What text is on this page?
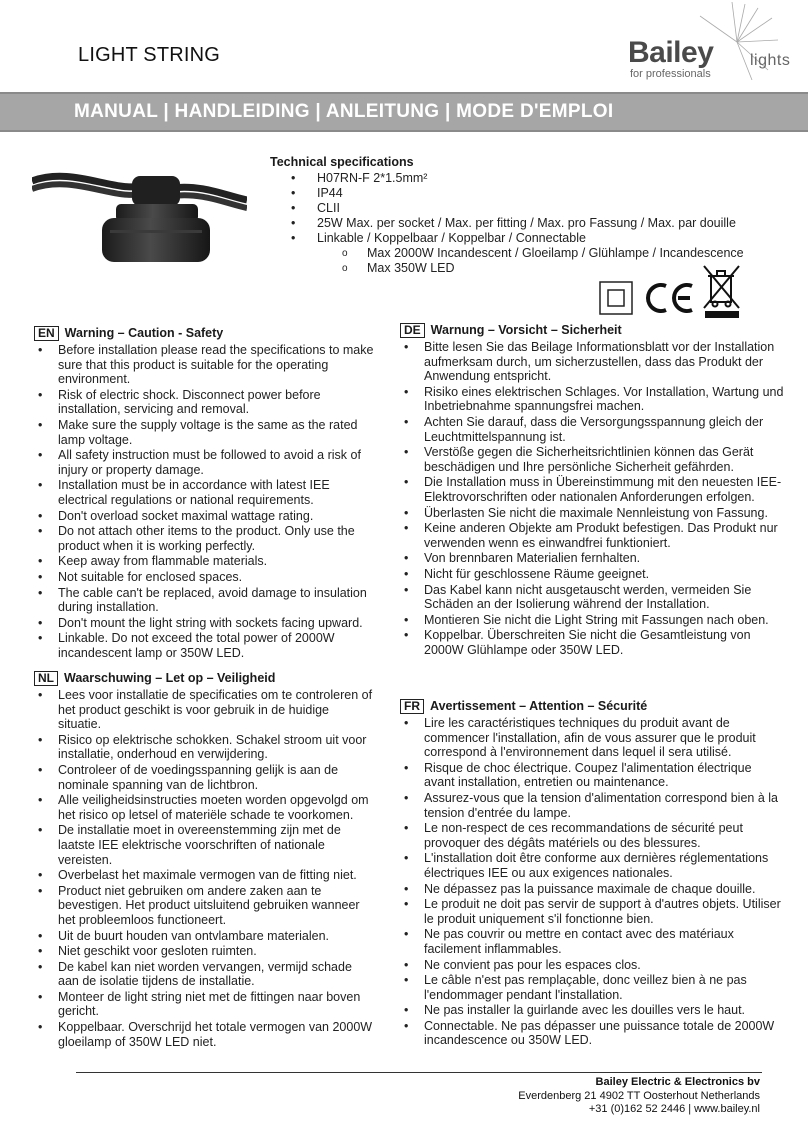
LIGHT STRING	Bailey
for professionals
lights
MANUAL | HANDLEIDING | ANLEITUNG | MODE D'EMPLOI
Technical specifications
• H07RN-F 2*1.5mm²
• IP44
• CLII
• 25W Max. per socket / Max. per fitting / Max. pro Fassung / Max. par douille
• Linkable / Koppelbaar / Koppelbar / Connectable
o Max 2000W Incandescent / Gloeilamp / Glühlampe / Incandescence
o Max 350W LED
EN Warning – Caution - Safety
• Before installation please read the specifications to make sure that this product is suitable for the operating environment.
• Risk of electric shock. Disconnect power before installation, servicing and removal.
• Make sure the supply voltage is the same as the rated lamp voltage.
• All safety instruction must be followed to avoid a risk of injury or property damage.
• Installation must be in accordance with latest IEE electrical regulations or national requirements.
• Don't overload socket maximal wattage rating.
• Do not attach other items to the product. Only use the product when it is working perfectly.
• Keep away from flammable materials.
• Not suitable for enclosed spaces.
• The cable can't be replaced, avoid damage to insulation during installation.
• Don't mount the light string with sockets facing upward.
• Linkable. Do not exceed the total power of 2000W incandescent lamp or 350W LED.
NL Waarschuwing – Let op – Veiligheid
• Lees voor installatie de specificaties om te controleren of het product geschikt is voor gebruik in de huidige situatie.
• Risico op elektrische schokken. Schakel stroom uit voor installatie, onderhoud en verwijdering.
• Controleer of de voedingsspanning gelijk is aan de nominale spanning van de lichtbron.
• Alle veiligheidsinstructies moeten worden opgevolgd om het risico op letsel of materiële schade te voorkomen.
• De installatie moet in overeenstemming zijn met de laatste IEE elektrische voorschriften of nationale vereisten.
• Overbelast het maximale vermogen van de fitting niet.
• Product niet gebruiken om andere zaken aan te bevestigen. Het product uitsluitend gebruiken wanneer het probleemloos functioneert.
• Uit de buurt houden van ontvlambare materialen.
• Niet geschikt voor gesloten ruimten.
• De kabel kan niet worden vervangen, vermijd schade aan de isolatie tijdens de installatie.
• Monteer de light string niet met de fittingen naar boven gericht.
• Koppelbaar. Overschrijd het totale vermogen van 2000W gloeilamp of 350W LED niet.
DE Warnung – Vorsicht – Sicherheit
• Bitte lesen Sie das Beilage Informationsblatt vor der Installation aufmerksam durch, um sicherzustellen, dass das Produkt der Anwendung entspricht.
• Risiko eines elektrischen Schlages. Vor Installation, Wartung und Inbetriebnahme spannungsfrei machen.
• Achten Sie darauf, dass die Versorgungsspannung gleich der Leuchtmittelspannung ist.
• Verstöße gegen die Sicherheitsrichtlinien können das Gerät beschädigen und Ihre persönliche Sicherheit gefährden.
• Die Installation muss in Übereinstimmung mit den neuesten IEE-Elektrovorschriften oder nationalen Anforderungen erfolgen.
• Überlasten Sie nicht die maximale Nennleistung von Fassung.
• Keine anderen Objekte am Produkt befestigen. Das Produkt nur verwenden wenn es einwandfrei funktioniert.
• Von brennbaren Materialien fernhalten.
• Nicht für geschlossene Räume geeignet.
• Das Kabel kann nicht ausgetauscht werden, vermeiden Sie Schäden an der Isolierung während der Installation.
• Montieren Sie nicht die Light String mit Fassungen nach oben.
• Koppelbar. Überschreiten Sie nicht die Gesamtleistung von 2000W Glühlampe oder 350W LED.
FR Avertissement – Attention – Sécurité
• Lire les caractéristiques techniques du produit avant de commencer l'installation, afin de vous assurer que le produit correspond à l'environnement dans lequel il sera utilisé.
• Risque de choc électrique. Coupez l'alimentation électrique avant installation, entretien ou maintenance.
• Assurez-vous que la tension d'alimentation correspond bien à la tension d'entrée du lampe.
• Le non-respect de ces recommandations de sécurité peut provoquer des dégâts matériels ou des blessures.
• L'installation doit être conforme aux dernières réglementations électriques IEE ou aux exigences nationales.
• Ne dépassez pas la puissance maximale de chaque douille.
• Le produit ne doit pas servir de support à d'autres objets. Utiliser le produit uniquement s'il fonctionne bien.
• Ne pas couvrir ou mettre en contact avec des matériaux facilement inflammables.
• Ne convient pas pour les espaces clos.
• Le câble n'est pas remplaçable, donc veillez bien à ne pas l'endommager pendant l'installation.
• Ne pas installer la guirlande avec les douilles vers le haut.
• Connectable. Ne pas dépasser une puissance totale de 2000W incandescence ou 350W LED.
Bailey Electric & Electronics bv
Everdenberg 21 4902 TT Oosterhout Netherlands
+31 (0)162 52 2446 | www.bailey.nl
